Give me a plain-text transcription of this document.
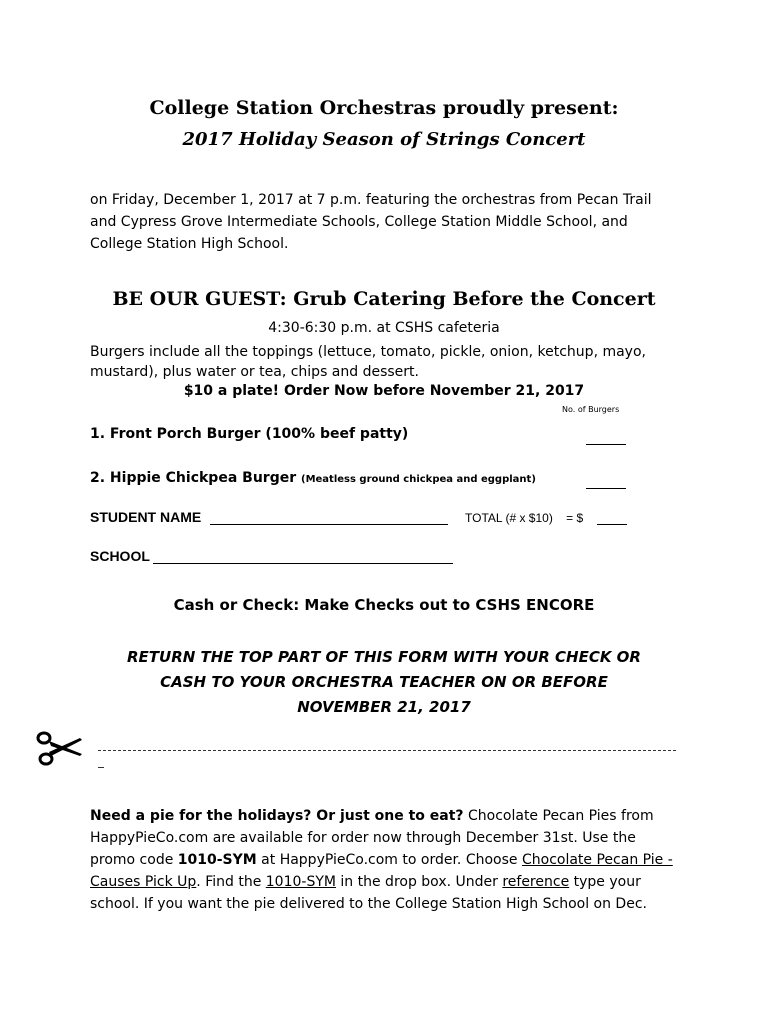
College Station Orchestras proudly present:
2017 Holiday Season of Strings Concert
on Friday, December 1, 2017 at 7 p.m. featuring the orchestras from Pecan Trail and Cypress Grove Intermediate Schools, College Station Middle School, and College Station High School.
BE OUR GUEST: Grub Catering Before the Concert
4:30-6:30 p.m. at CSHS cafeteria
Burgers include all the toppings (lettuce, tomato, pickle, onion, ketchup, mayo, mustard), plus water or tea, chips and dessert.
$10 a plate! Order Now before November 21, 2017
No. of Burgers
1. Front Porch Burger (100% beef patty)
2. Hippie Chickpea Burger (Meatless ground chickpea and eggplant)
STUDENT NAME	TOTAL (# x $10) = $
SCHOOL
Cash or Check: Make Checks out to CSHS ENCORE
RETURN THE TOP PART OF THIS FORM WITH YOUR CHECK OR
CASH TO YOUR ORCHESTRA TEACHER ON OR BEFORE
NOVEMBER 21, 2017
Need a pie for the holidays? Or just one to eat? Chocolate Pecan Pies from HappyPieCo.com are available for order now through December 31st. Use the promo code 1010-SYM at HappyPieCo.com to order. Choose Chocolate Pecan Pie - Causes Pick Up. Find the 1010-SYM in the drop box. Under reference type your school. If you want the pie delivered to the College Station High School on Dec.
